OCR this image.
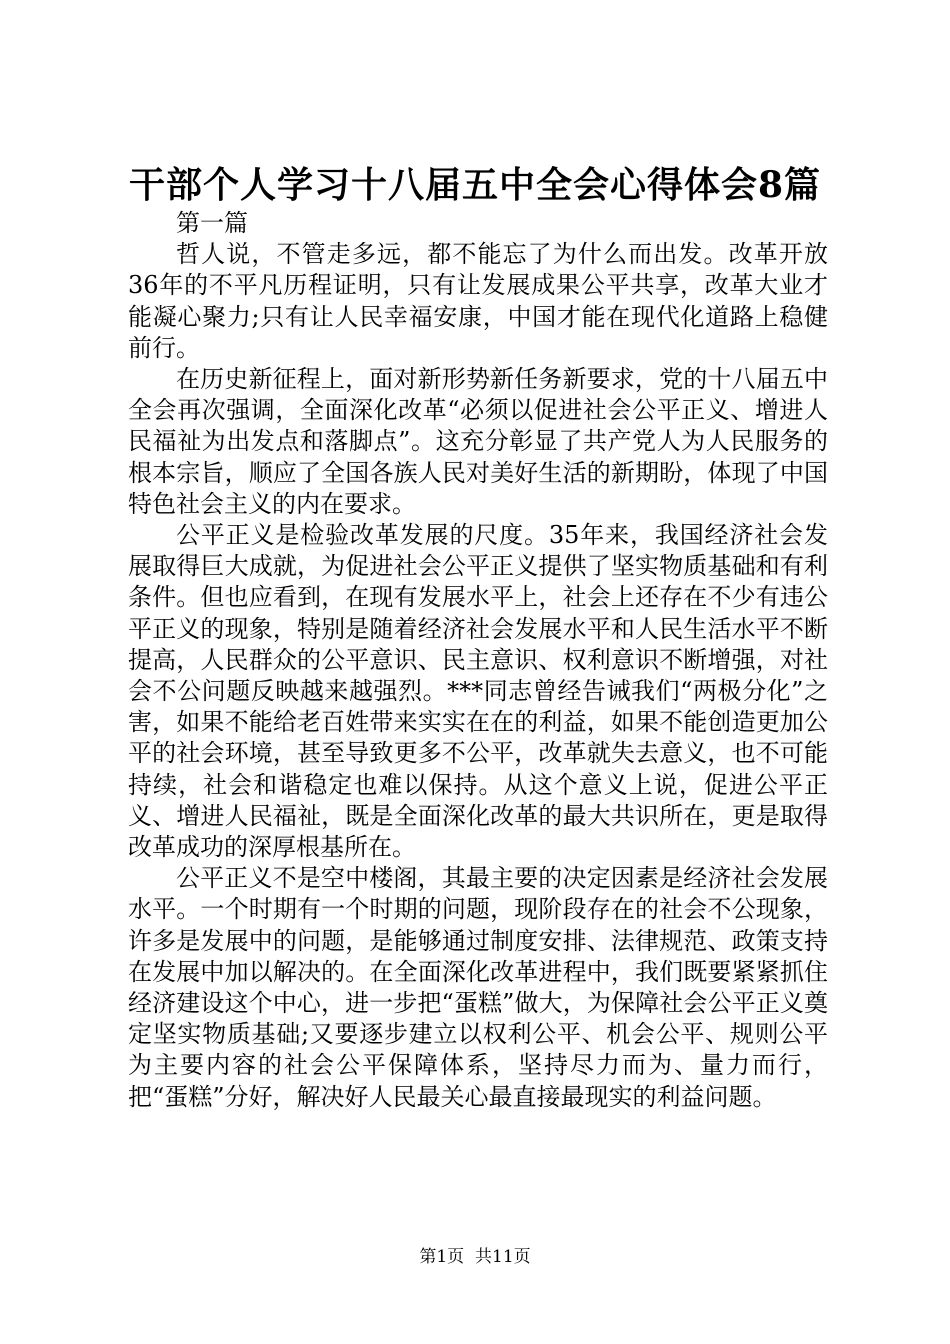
干部个人学习十八届五中全会心得体会8篇

第一篇

哲人说，不管走多远，都不能忘了为什么而出发。改革开放36年的不平凡历程证明，只有让发展成果公平共享，改革大业才能凝心聚力;只有让人民幸福安康，中国才能在现代化道路上稳健前行。

在历史新征程上，面对新形势新任务新要求，党的十八届五中全会再次强调，全面深化改革“必须以促进社会公平正义、增进人民福祉为出发点和落脚点”。这充分彰显了共产党人为人民服务的根本宗旨，顺应了全国各族人民对美好生活的新期盼，体现了中国特色社会主义的内在要求。

公平正义是检验改革发展的尺度。35年来，我国经济社会发展取得巨大成就，为促进社会公平正义提供了坚实物质基础和有利条件。但也应看到，在现有发展水平上，社会上还存在不少有违公平正义的现象，特别是随着经济社会发展水平和人民生活水平不断提高，人民群众的公平意识、民主意识、权利意识不断增强，对社会不公问题反映越来越强烈。***同志曾经告诫我们“两极分化”之害，如果不能给老百姓带来实实在在的利益，如果不能创造更加公平的社会环境，甚至导致更多不公平，改革就失去意义，也不可能持续，社会和谐稳定也难以保持。从这个意义上说，促进公平正义、增进人民福祉，既是全面深化改革的最大共识所在，更是取得改革成功的深厚根基所在。

公平正义不是空中楼阁，其最主要的决定因素是经济社会发展水平。一个时期有一个时期的问题，现阶段存在的社会不公现象，许多是发展中的问题，是能够通过制度安排、法律规范、政策支持在发展中加以解决的。在全面深化改革进程中，我们既要紧紧抓住经济建设这个中心，进一步把“蛋糕”做大，为保障社会公平正义奠定坚实物质基础;又要逐步建立以权利公平、机会公平、规则公平为主要内容的社会公平保障体系，坚持尽力而为、量力而行，把“蛋糕”分好，解决好人民最关心最直接最现实的利益问题。

第1页 共11页
